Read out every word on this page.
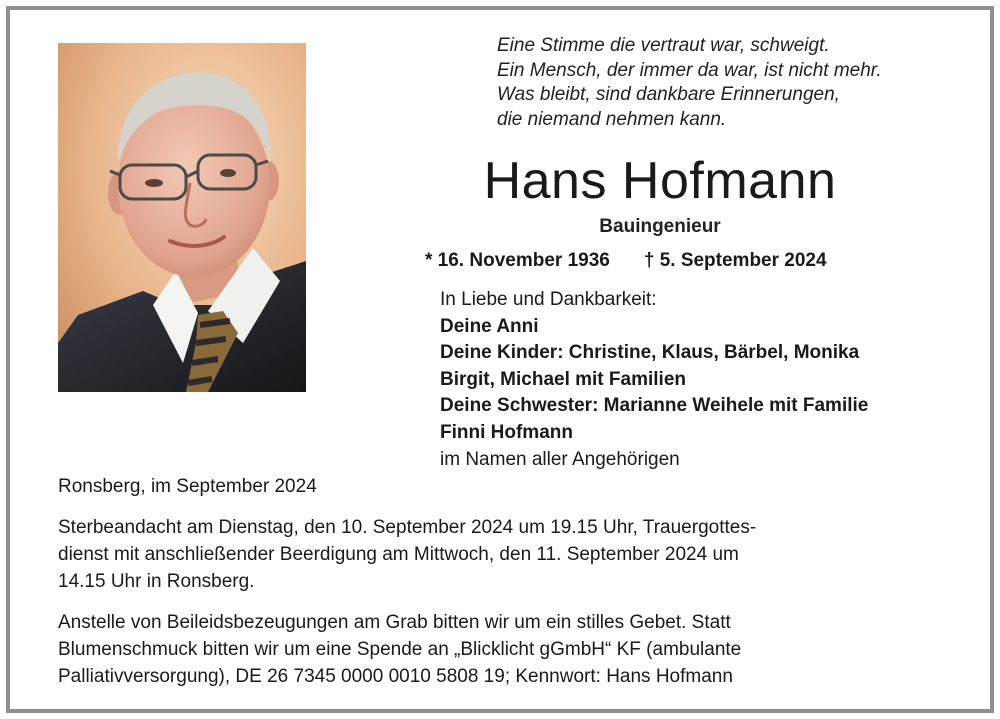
Eine Stimme die vertraut war, schweigt.
Ein Mensch, der immer da war, ist nicht mehr.
Was bleibt, sind dankbare Erinnerungen,
die niemand nehmen kann.
Hans Hofmann
Bauingenieur
* 16. November 1936 † 5. September 2024
In Liebe und Dankbarkeit:
Deine Anni
Deine Kinder: Christine, Klaus, Bärbel, Monika
Birgit, Michael mit Familien
Deine Schwester: Marianne Weihele mit Familie
Finni Hofmann
im Namen aller Angehörigen
Ronsberg, im September 2024
Sterbeandacht am Dienstag, den 10. September 2024 um 19.15 Uhr, Trauergottes-
dienst mit anschließender Beerdigung am Mittwoch, den 11. September 2024 um
14.15 Uhr in Ronsberg.
Anstelle von Beileidsbezeugungen am Grab bitten wir um ein stilles Gebet. Statt
Blumenschmuck bitten wir um eine Spende an „Blicklicht gGmbH“ KF (ambulante
Palliativversorgung), DE 26 7345 0000 0010 5808 19; Kennwort: Hans Hofmann
